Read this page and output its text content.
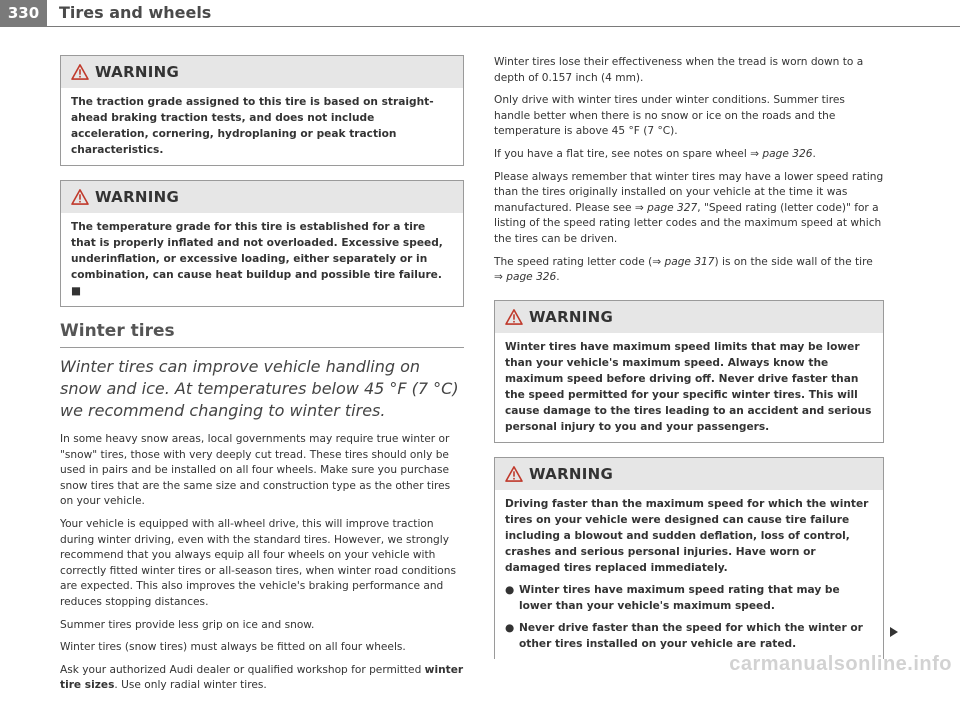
330	Tires and wheels
WARNING

The traction grade assigned to this tire is based on straight-ahead braking traction tests, and does not include acceleration, cornering, hydroplaning or peak traction characteristics.

WARNING

The temperature grade for this tire is established for a tire that is properly inflated and not overloaded. Excessive speed, underinflation, or excessive loading, either separately or in combination, can cause heat buildup and possible tire failure. ■

Winter tires

Winter tires can improve vehicle handling on snow and ice. At temperatures below 45 °F (7 °C) we recommend changing to winter tires.

In some heavy snow areas, local governments may require true winter or "snow" tires, those with very deeply cut tread. These tires should only be used in pairs and be installed on all four wheels. Make sure you purchase snow tires that are the same size and construction type as the other tires on your vehicle.

Your vehicle is equipped with all-wheel drive, this will improve traction during winter driving, even with the standard tires. However, we strongly recommend that you always equip all four wheels on your vehicle with correctly fitted winter tires or all-season tires, when winter road conditions are expected. This also improves the vehicle's braking performance and reduces stopping distances.

Summer tires provide less grip on ice and snow.

Winter tires (snow tires) must always be fitted on all four wheels.

Ask your authorized Audi dealer or qualified workshop for permitted winter tire sizes. Use only radial winter tires.

Winter tires lose their effectiveness when the tread is worn down to a depth of 0.157 inch (4 mm).

Only drive with winter tires under winter conditions. Summer tires handle better when there is no snow or ice on the roads and the temperature is above 45 °F (7 °C).

If you have a flat tire, see notes on spare wheel ⇒ page 326.

Please always remember that winter tires may have a lower speed rating than the tires originally installed on your vehicle at the time it was manufactured. Please see ⇒ page 327, "Speed rating (letter code)" for a listing of the speed rating letter codes and the maximum speed at which the tires can be driven.

The speed rating letter code (⇒ page 317) is on the side wall of the tire ⇒ page 326.

WARNING

Winter tires have maximum speed limits that may be lower than your vehicle's maximum speed. Always know the maximum speed before driving off. Never drive faster than the speed permitted for your specific winter tires. This will cause damage to the tires leading to an accident and serious personal injury to you and your passengers.

WARNING

Driving faster than the maximum speed for which the winter tires on your vehicle were designed can cause tire failure including a blowout and sudden deflation, loss of control, crashes and serious personal injuries. Have worn or damaged tires replaced immediately.

● Winter tires have maximum speed rating that may be lower than your vehicle's maximum speed.
● Never drive faster than the speed for which the winter or other tires installed on your vehicle are rated.
carmanualsonline.info
